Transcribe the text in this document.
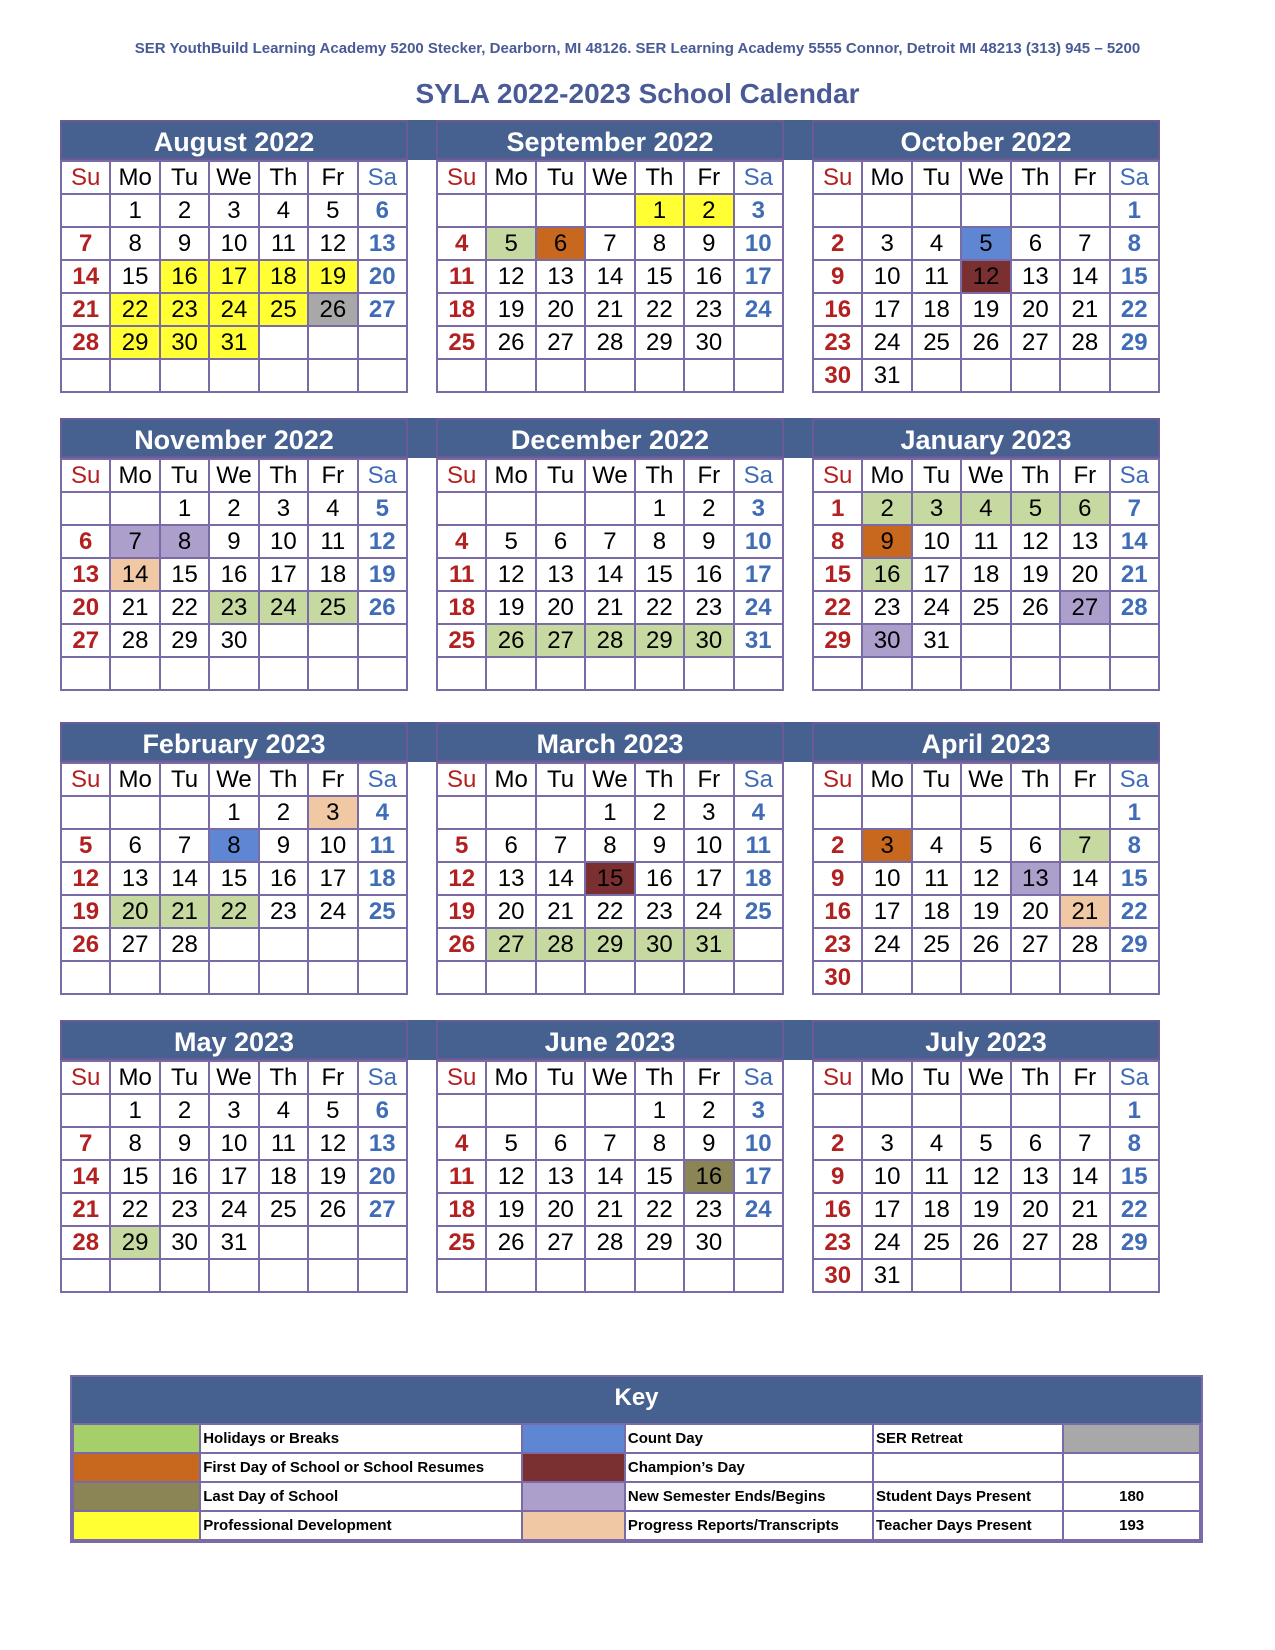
SER YouthBuild Learning Academy 5200 Stecker, Dearborn, MI 48126. SER Learning Academy 5555 Connor, Detroit MI 48213 (313) 945 – 5200
SYLA 2022-2023 School Calendar
August 2022
Su	Mo	Tu	We	Th	Fr	Sa
	1	2	3	4	5	6
7	8	9	10	11	12	13
14	15	16	17	18	19	20
21	22	23	24	25	26	27
28	29	30	31			

September 2022
Su	Mo	Tu	We	Th	Fr	Sa
				1	2	3
4	5	6	7	8	9	10
11	12	13	14	15	16	17
18	19	20	21	22	23	24
25	26	27	28	29	30	

October 2022
Su	Mo	Tu	We	Th	Fr	Sa
						1
2	3	4	5	6	7	8
9	10	11	12	13	14	15
16	17	18	19	20	21	22
23	24	25	26	27	28	29
30	31					
November 2022
Su	Mo	Tu	We	Th	Fr	Sa
		1	2	3	4	5
6	7	8	9	10	11	12
13	14	15	16	17	18	19
20	21	22	23	24	25	26
27	28	29	30			

December 2022
Su	Mo	Tu	We	Th	Fr	Sa
				1	2	3
4	5	6	7	8	9	10
11	12	13	14	15	16	17
18	19	20	21	22	23	24
25	26	27	28	29	30	31

January 2023
Su	Mo	Tu	We	Th	Fr	Sa
1	2	3	4	5	6	7
8	9	10	11	12	13	14
15	16	17	18	19	20	21
22	23	24	25	26	27	28
29	30	31				

February 2023
Su	Mo	Tu	We	Th	Fr	Sa
			1	2	3	4
5	6	7	8	9	10	11
12	13	14	15	16	17	18
19	20	21	22	23	24	25
26	27	28				

March 2023
Su	Mo	Tu	We	Th	Fr	Sa
			1	2	3	4
5	6	7	8	9	10	11
12	13	14	15	16	17	18
19	20	21	22	23	24	25
26	27	28	29	30	31	

April 2023
Su	Mo	Tu	We	Th	Fr	Sa
						1
2	3	4	5	6	7	8
9	10	11	12	13	14	15
16	17	18	19	20	21	22
23	24	25	26	27	28	29
30						
May 2023
Su	Mo	Tu	We	Th	Fr	Sa
	1	2	3	4	5	6
7	8	9	10	11	12	13
14	15	16	17	18	19	20
21	22	23	24	25	26	27
28	29	30	31			

June 2023
Su	Mo	Tu	We	Th	Fr	Sa
				1	2	3
4	5	6	7	8	9	10
11	12	13	14	15	16	17
18	19	20	21	22	23	24
25	26	27	28	29	30	

July 2023
Su	Mo	Tu	We	Th	Fr	Sa
						1
2	3	4	5	6	7	8
9	10	11	12	13	14	15
16	17	18	19	20	21	22
23	24	25	26	27	28	29
30	31					
Key
	Holidays or Breaks		Count Day	SER Retreat	
	First Day of School or School Resumes		Champion’s Day		
	Last Day of School		New Semester Ends/Begins	Student Days Present	180
	Professional Development		Progress Reports/Transcripts	Teacher Days Present	193
